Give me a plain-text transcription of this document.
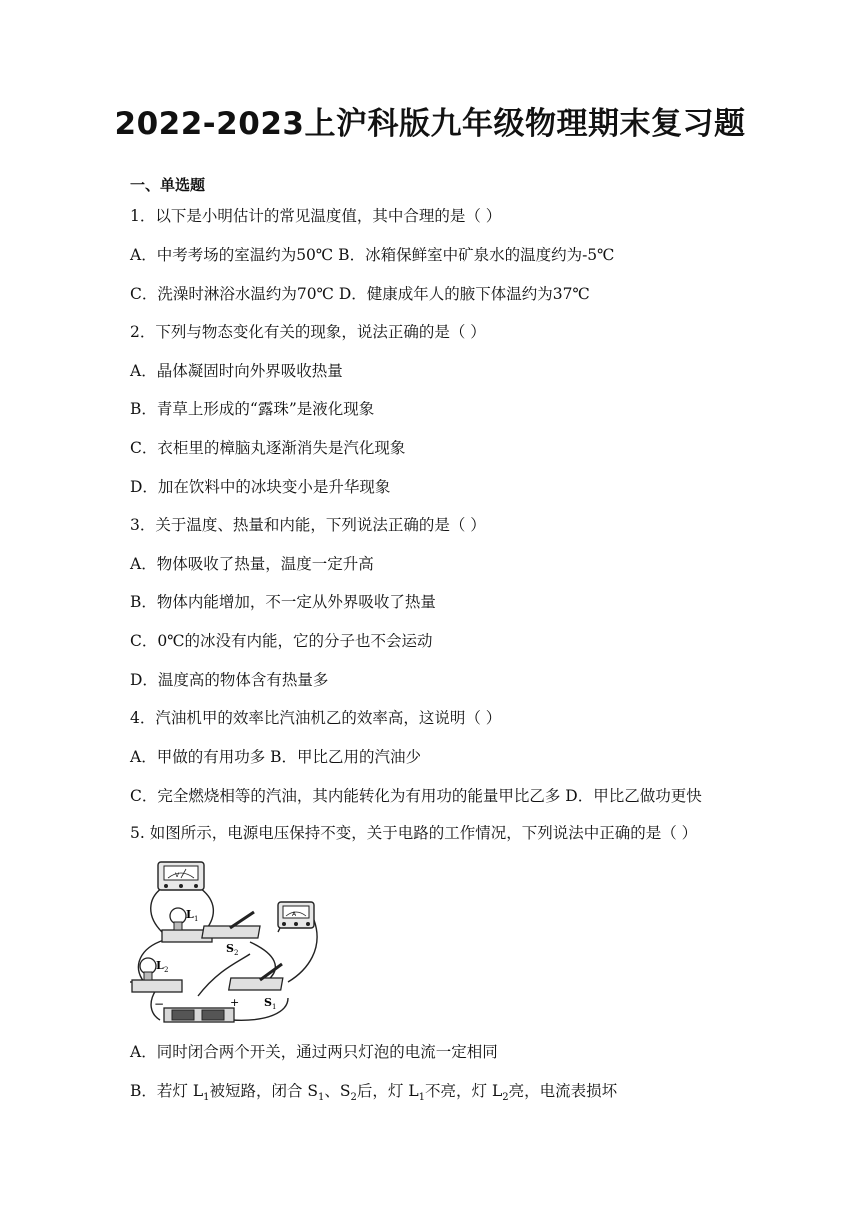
2022-2023上沪科版九年级物理期末复习题
一、单选题
1．以下是小明估计的常见温度值，其中合理的是（ ）
A．中考考场的室温约为50℃ B．冰箱保鲜室中矿泉水的温度约为-5℃
C．洗澡时淋浴水温约为70℃ D．健康成年人的腋下体温约为37℃
2．下列与物态变化有关的现象，说法正确的是（ ）
A．晶体凝固时向外界吸收热量
B．青草上形成的“露珠”是液化现象
C．衣柜里的樟脑丸逐渐消失是汽化现象
D．加在饮料中的冰块变小是升华现象
3．关于温度、热量和内能，下列说法正确的是（ ）
A．物体吸收了热量，温度一定升高
B．物体内能增加，不一定从外界吸收了热量
C．0℃的冰没有内能，它的分子也不会运动
D．温度高的物体含有热量多
4．汽油机甲的效率比汽油机乙的效率高，这说明（ ）
A．甲做的有用功多 B．甲比乙用的汽油少
C．完全燃烧相等的汽油，其内能转化为有用功的能量甲比乙多 D．甲比乙做功更快
5. 如图所示，电源电压保持不变，关于电路的工作情况，下列说法中正确的是（ ）
V
L 1
S 2
A
L 2
S 1
−	+
A．同时闭合两个开关，通过两只灯泡的电流一定相同
B．若灯 $L_1$被短路，闭合 $S_1$、$S_2$后，灯 $L_1$不亮，灯 $L_2$亮，电流表损坏
